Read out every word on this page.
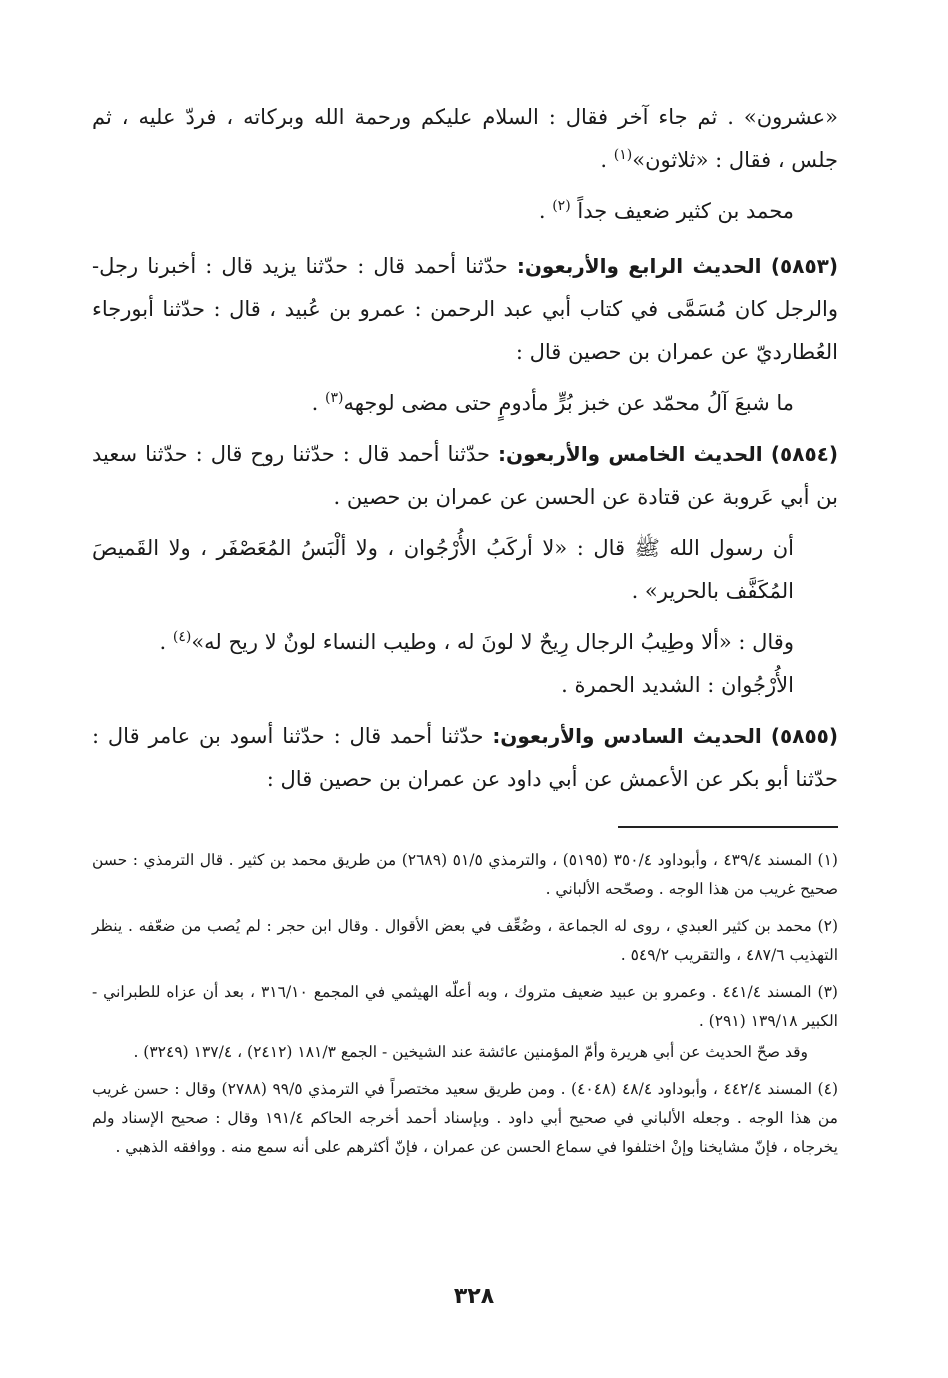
«عشرون» . ثم جاء آخر فقال : السلام عليكم ورحمة الله وبركاته ، فردّ عليه ، ثم جلس ، فقال : «ثلاثون»$^{(١)}$ .

محمد بن كثير ضعيف جداً $^{(٢)}$ .

(٥٨٥٣) الحديث الرابع والأربعون: حدّثنا أحمد قال : حدّثنا يزيد قال : أخبرنا رجل- والرجل كان مُسَمَّى في كتاب أبي عبد الرحمن : عمرو بن عُبيد ، قال : حدّثنا أبورجاء العُطارديّ عن عمران بن حصين قال :

ما شبعَ آلُ محمّد عن خبز بُرٍّ مأدومٍ حتى مضى لوجهه$^{(٣)}$ .

(٥٨٥٤) الحديث الخامس والأربعون: حدّثنا أحمد قال : حدّثنا روح قال : حدّثنا سعيد بن أبي عَروبة عن قتادة عن الحسن عن عمران بن حصين .

أن رسول الله ﷺ قال : «لا أركَبُ الأُرْجُوان ، ولا ألْبَسُ المُعَصْفَر ، ولا القَميصَ المُكَفَّف بالحرير» .

وقال : «ألا وطِيبُ الرجال رِيحٌ لا لونَ له ، وطيب النساء لونٌ لا ريح له»$^{(٤)}$ .

الأُرْجُوان : الشديد الحمرة .

(٥٨٥٥) الحديث السادس والأربعون: حدّثنا أحمد قال : حدّثنا أسود بن عامر قال : حدّثنا أبو بكر عن الأعمش عن أبي داود عن عمران بن حصين قال :

(١) المسند ٤٣٩/٤ ، وأبوداود ٣٥٠/٤ (٥١٩٥) ، والترمذي ٥١/٥ (٢٦٨٩) من طريق محمد بن كثير . قال الترمذي : حسن صحيح غريب من هذا الوجه . وصحّحه الألباني .

(٢) محمد بن كثير العبدي ، روى له الجماعة ، وضُعِّف في بعض الأقوال . وقال ابن حجر : لم يُصب من ضعّفه . ينظر التهذيب ٤٨٧/٦ ، والتقريب ٥٤٩/٢ .

(٣) المسند ٤٤١/٤ . وعمرو بن عبيد ضعيف متروك ، وبه أعلّه الهيثمي في المجمع ٣١٦/١٠ ، بعد أن عزاه للطبراني - الكبير ١٣٩/١٨ (٢٩١) .

وقد صحّ الحديث عن أبي هريرة وأمّ المؤمنين عائشة عند الشيخين - الجمع ١٨١/٣ (٢٤١٢) ، ١٣٧/٤ (٣٢٤٩) .

(٤) المسند ٤٤٢/٤ ، وأبوداود ٤٨/٤ (٤٠٤٨) . ومن طريق سعيد مختصراً في الترمذي ٩٩/٥ (٢٧٨٨) وقال : حسن غريب من هذا الوجه . وجعله الألباني في صحيح أبي داود . وبإسناد أحمد أخرجه الحاكم ١٩١/٤ وقال : صحيح الإسناد ولم يخرجاه ، فإنّ مشايخنا وإنْ اختلفوا في سماع الحسن عن عمران ، فإنّ أكثرهم على أنه سمع منه . ووافقه الذهبي .

٣٢٨
